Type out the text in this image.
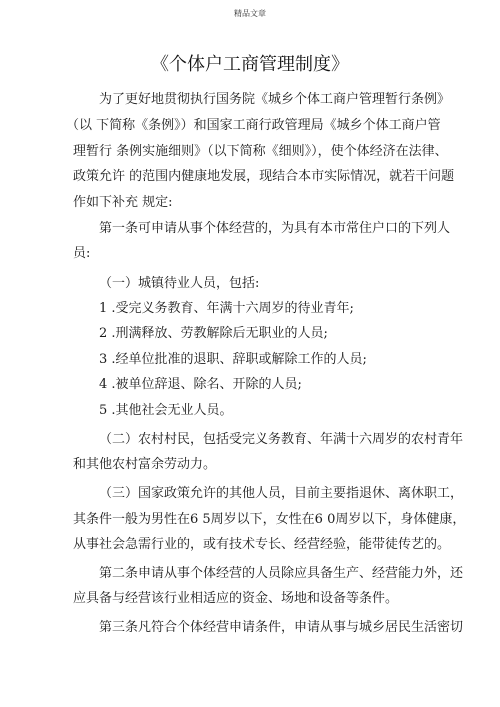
精品文章
《个体户工商管理制度》
为了更好地贯彻执行国务院《城乡个体工商户管理暂行条例》
（以 下简称《条例》）和国家工商行政管理局《城乡个体工商户管
理暂行 条例实施细则》（以下简称《细则》），使个体经济在法律、
政策允许 的范围内健康地发展，现结合本市实际情况，就若干问题
作如下补充 规定:
第一条可申请从事个体经营的，为具有本市常住户口的下列人
员:
（一）城镇待业人员，包括:
1 .受完义务教育、年满十六周岁的待业青年;
2 .刑满释放、劳教解除后无职业的人员;
3 .经单位批准的退职、辞职或解除工作的人员;
4 .被单位辞退、除名、开除的人员;
5 .其他社会无业人员。
（二）农村村民，包括受完义务教育、年满十六周岁的农村青年
和其他农村富余劳动力。
（三）国家政策允许的其他人员，目前主要指退休、离休职工，
其条件一般为男性在6 5周岁以下，女性在6 0周岁以下，身体健康，
从事社会急需行业的，或有技术专长、经营经验，能带徒传艺的。
第二条申请从事个体经营的人员除应具备生产、经营能力外，还
应具备与经营该行业相适应的资金、场地和设备等条件。
第三条凡符合个体经营申请条件，申请从事与城乡居民生活密切
